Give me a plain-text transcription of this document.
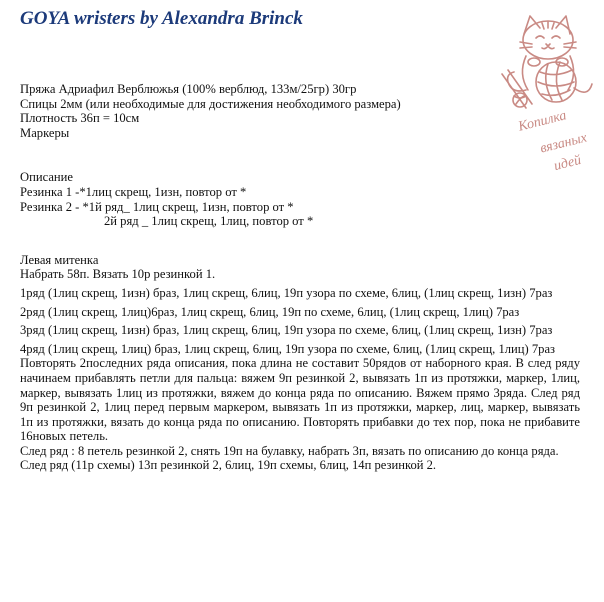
GOYA wristers by Alexandra Brinck
Копилка
вязаных
идей
Пряжа Адриафил Верблюжья (100% верблюд, 133м/25гр) 30гр
Спицы 2мм (или необходимые для достижения необходимого размера)
Плотность 36п = 10см
Маркеры
Описание
Резинка 1 -*1лиц скрещ, 1изн, повтор от *
Резинка 2 - *1й ряд_ 1лиц скрещ, 1изн, повтор от *
2й ряд _ 1лиц скрещ, 1лиц, повтор от *
Левая митенка
Набрать 58п. Вязать 10р резинкой 1.
1ряд (1лиц скрещ, 1изн) браз, 1лиц скрещ, 6лиц, 19п узора по схеме, 6лиц, (1лиц скрещ, 1изн) 7раз
2ряд (1лиц скрещ, 1лиц)6раз, 1лиц скрещ, 6лиц, 19п по схеме, 6лиц, (1лиц скрещ, 1лиц) 7раз
3ряд (1лиц скрещ, 1изн) браз, 1лиц скрещ, 6лиц, 19п узора по схеме, 6лиц, (1лиц скрещ, 1изн) 7раз
4ряд (1лиц скрещ, 1лиц) браз, 1лиц скрещ, 6лиц, 19п узора по схеме, 6лиц, (1лиц скрещ, 1лиц) 7раз
Повторять 2последних ряда описания, пока длина не составит 50рядов от наборного края. В след ряду начинаем прибавлять петли для пальца: вяжем 9п резинкой 2, вывязать 1п из протяжки, маркер, 1лиц, маркер, вывязать 1лиц из протяжки, вяжем до конца ряда по описанию. Вяжем прямо 3ряда. След ряд 9п резинкой 2, 1лиц перед первым маркером, вывязать 1п из протяжки, маркер, лиц, маркер, вывязать 1п из протяжки, вязать до конца ряда по описанию. Повторять прибавки до тех пор, пока не прибавите 16новых петель.
След ряд : 8 петель резинкой 2, снять 19п на булавку, набрать 3п, вязать по описанию до конца ряда.
След ряд (11р схемы) 13п резинкой 2, 6лиц, 19п схемы, 6лиц, 14п резинкой 2.
